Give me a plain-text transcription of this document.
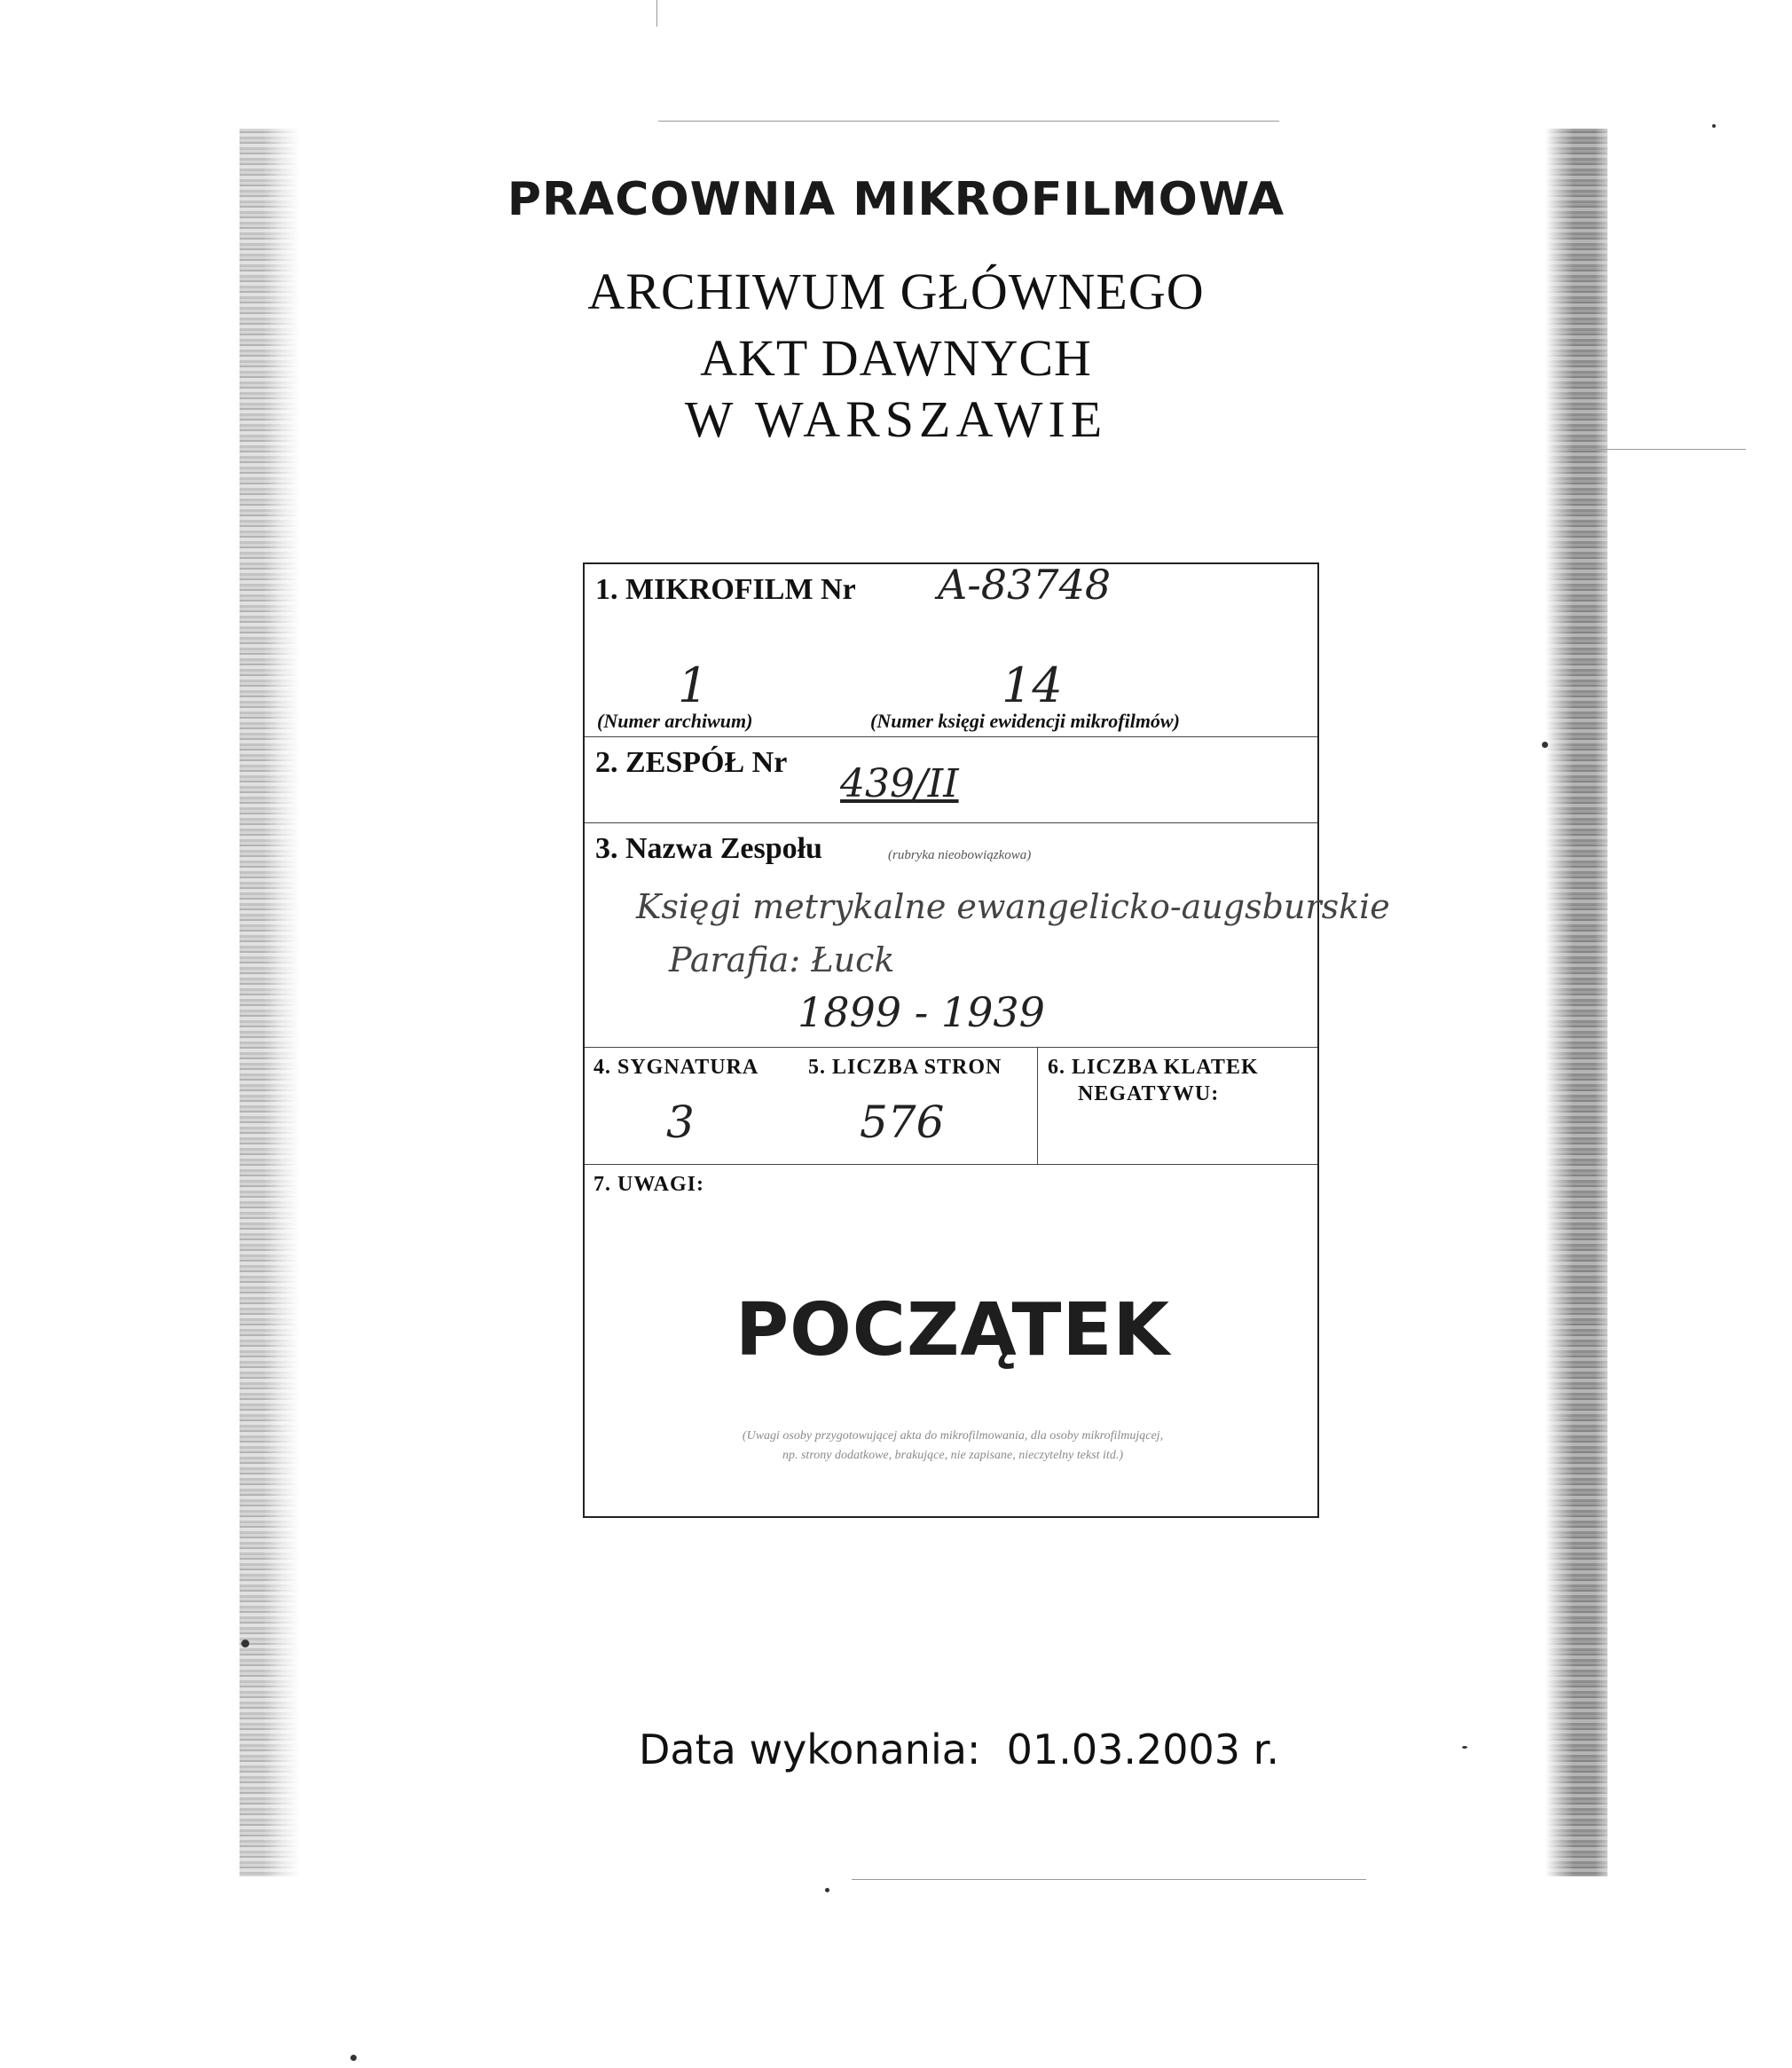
PRACOWNIA MIKROFILMOWA
ARCHIWUM GŁÓWNEGO
AKT DAWNYCH
W WARSZAWIE
1. MIKROFILM Nr A-83748
1
(Numer archiwum)
14
(Numer księgi ewidencji mikrofilmów)
2. ZESPÓŁ Nr 439/II
3. Nazwa Zespołu	(rubryka nieobowiązkowa)
Księgi metrykalne ewangelicko-augsburskie
Parafia: Łuck
1899 - 1939
4. SYGNATURA
3
5. LICZBA STRON
576
6. LICZBA KLATEK
NEGATYWU:
7. UWAGI:
POCZĄTEK
(Uwagi osoby przygotowującej akta do mikrofilmowania, dla osoby mikrofilmującej,
np. strony dodatkowe, brakujące, nie zapisane, nieczytelny tekst itd.)
Data wykonania: 01.03.2003 r.
